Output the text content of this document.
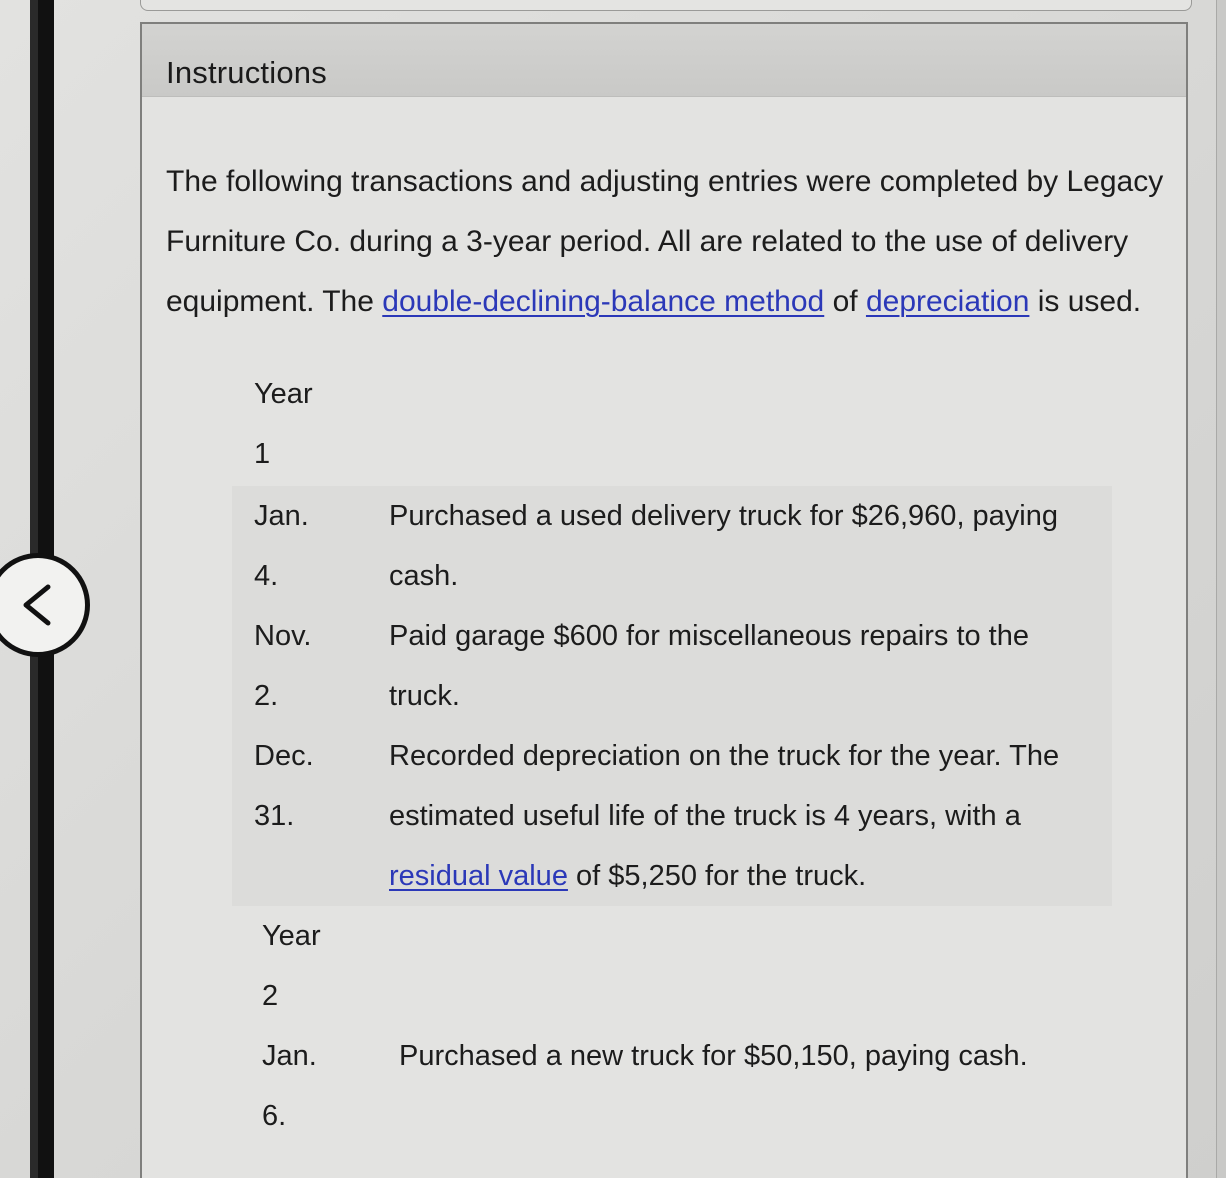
Instructions
The following transactions and adjusting entries were completed by Legacy Furniture Co. during a 3-year period. All are related to the use of delivery equipment. The double-declining-balance method of depreciation is used.
Year
1
Jan.
4.
Purchased a used delivery truck for $26,960, paying
cash.
Nov.
2.
Paid garage $600 for miscellaneous repairs to the
truck.
Dec.
31.
Recorded depreciation on the truck for the year. The
estimated useful life of the truck is 4 years, with a
residual value of $5,250 for the truck.
Year
2
Jan.
6.
Purchased a new truck for $50,150, paying cash.
